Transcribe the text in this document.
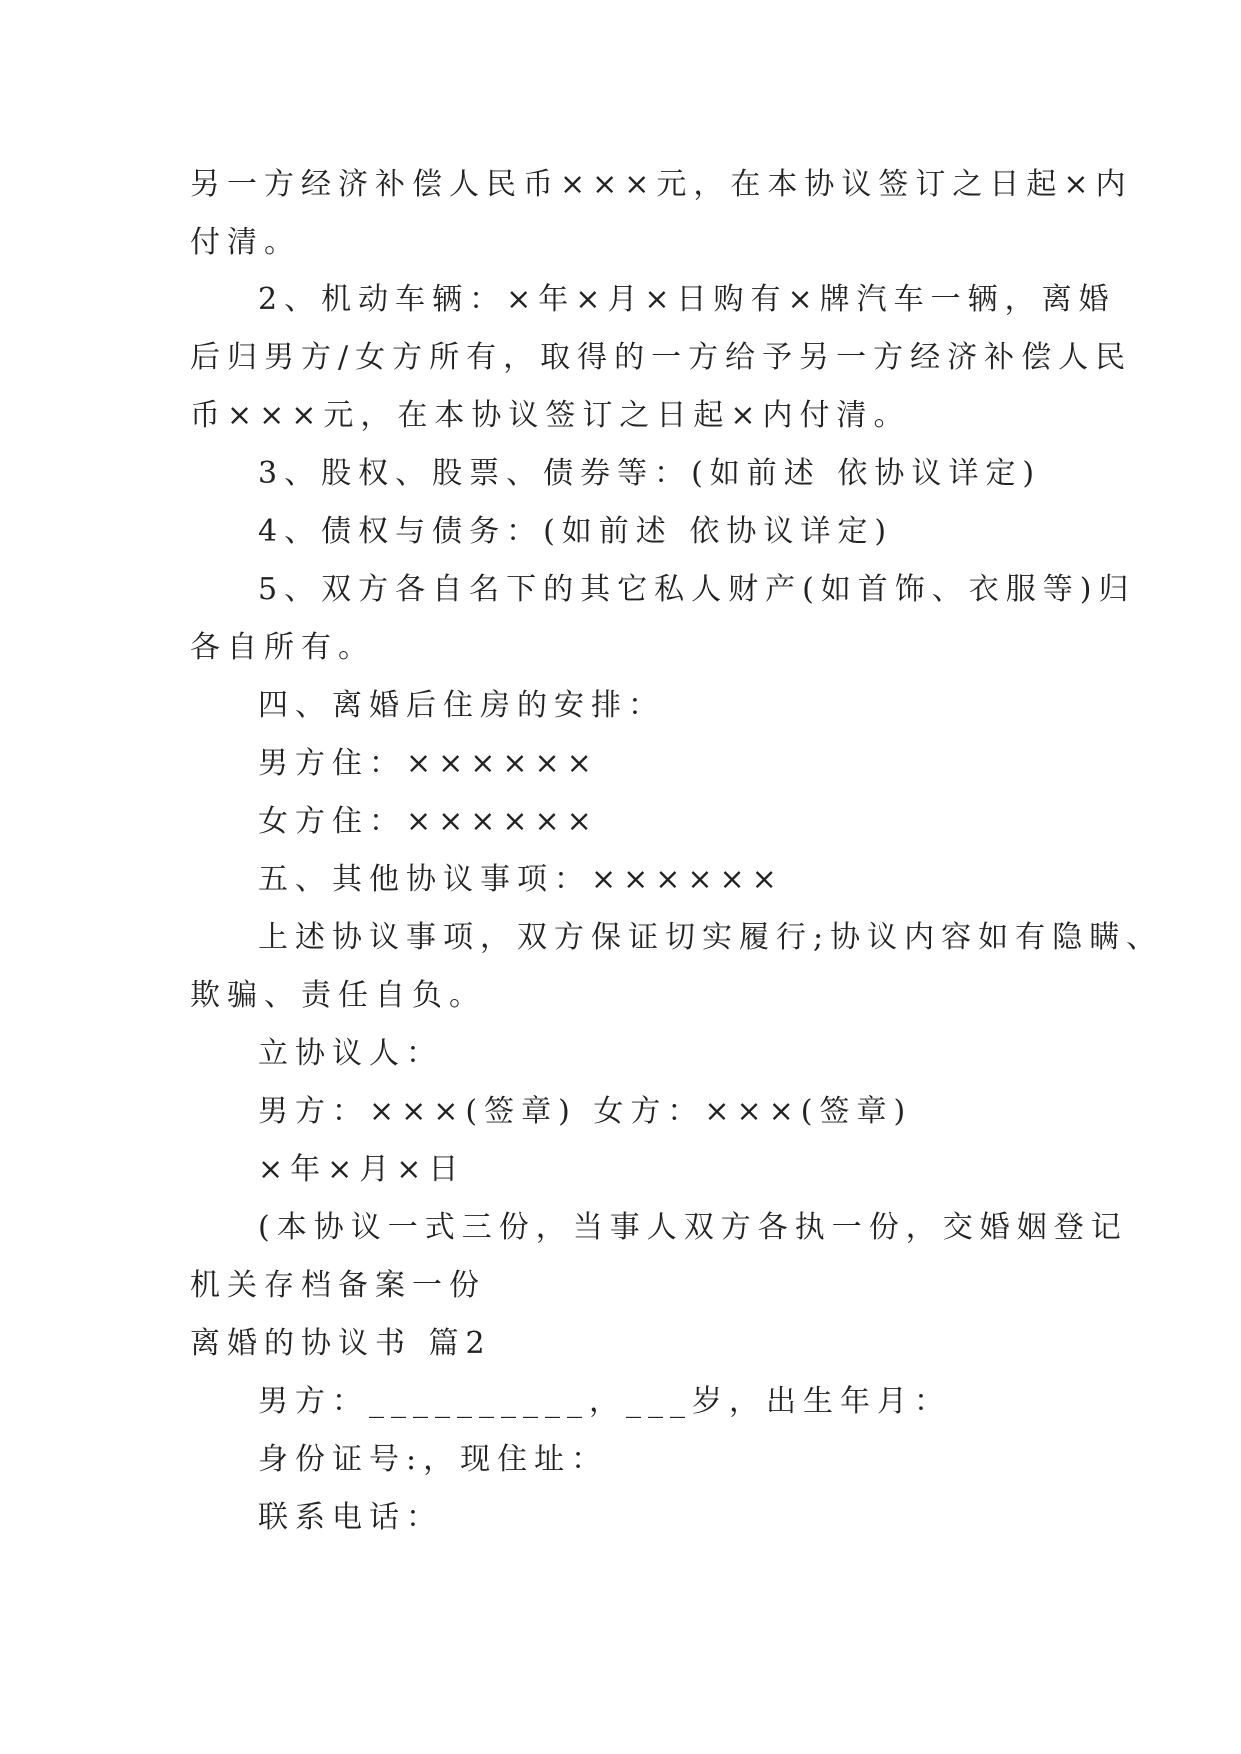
另一方经济补偿人民币×××元，在本协议签订之日起×内
付清。
2、机动车辆：×年×月×日购有×牌汽车一辆，离婚
后归男方/女方所有，取得的一方给予另一方经济补偿人民
币×××元，在本协议签订之日起×内付清。
3、股权、股票、债券等：(如前述 依协议详定)
4、债权与债务：(如前述 依协议详定)
5、双方各自名下的其它私人财产(如首饰、衣服等)归
各自所有。
四、离婚后住房的安排：
男方住：××××××
女方住：××××××
五、其他协议事项：××××××
上述协议事项，双方保证切实履行;协议内容如有隐瞒、
欺骗、责任自负。
立协议人：
男方：×××(签章) 女方：×××(签章)
×年×月×日
(本协议一式三份，当事人双方各执一份，交婚姻登记
机关存档备案一份
离婚的协议书 篇2
男方：__________，___岁，出生年月：
身份证号:，现住址：
联系电话：
